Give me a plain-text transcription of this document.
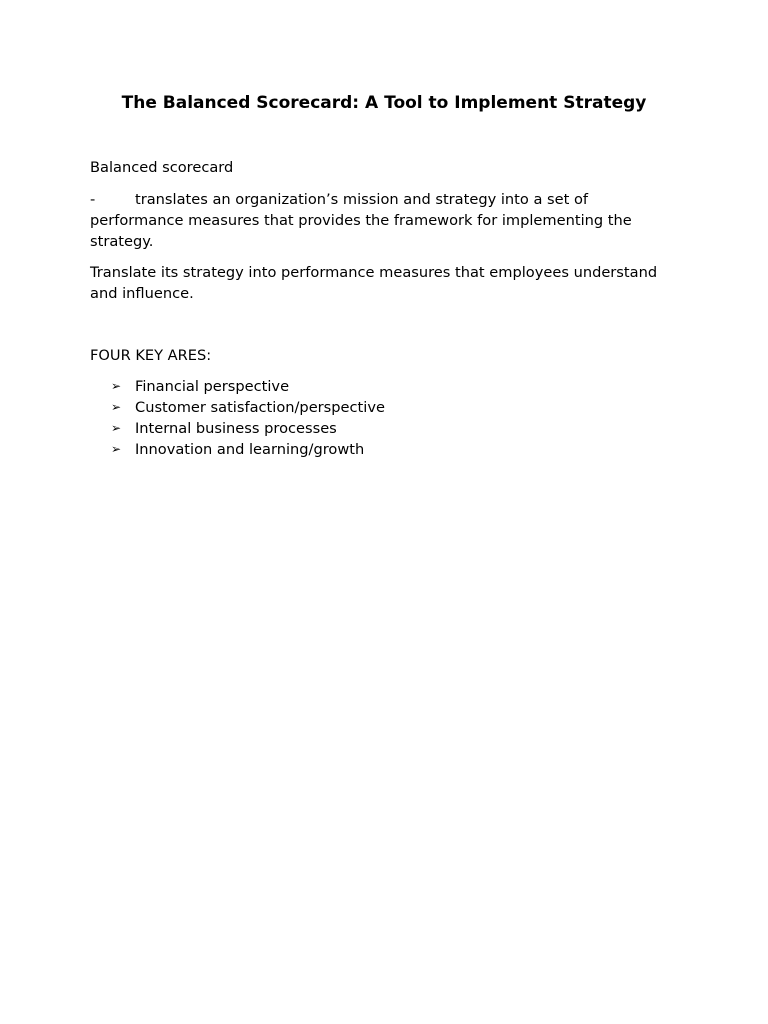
The Balanced Scorecard: A Tool to Implement Strategy

Balanced scorecard

-	translates an organization’s mission and strategy into a set of performance measures that provides the framework for implementing the strategy.

Translate its strategy into performance measures that employees understand and influence.

FOUR KEY ARES:

➢ Financial perspective
➢ Customer satisfaction/perspective
➢ Internal business processes
➢ Innovation and learning/growth
